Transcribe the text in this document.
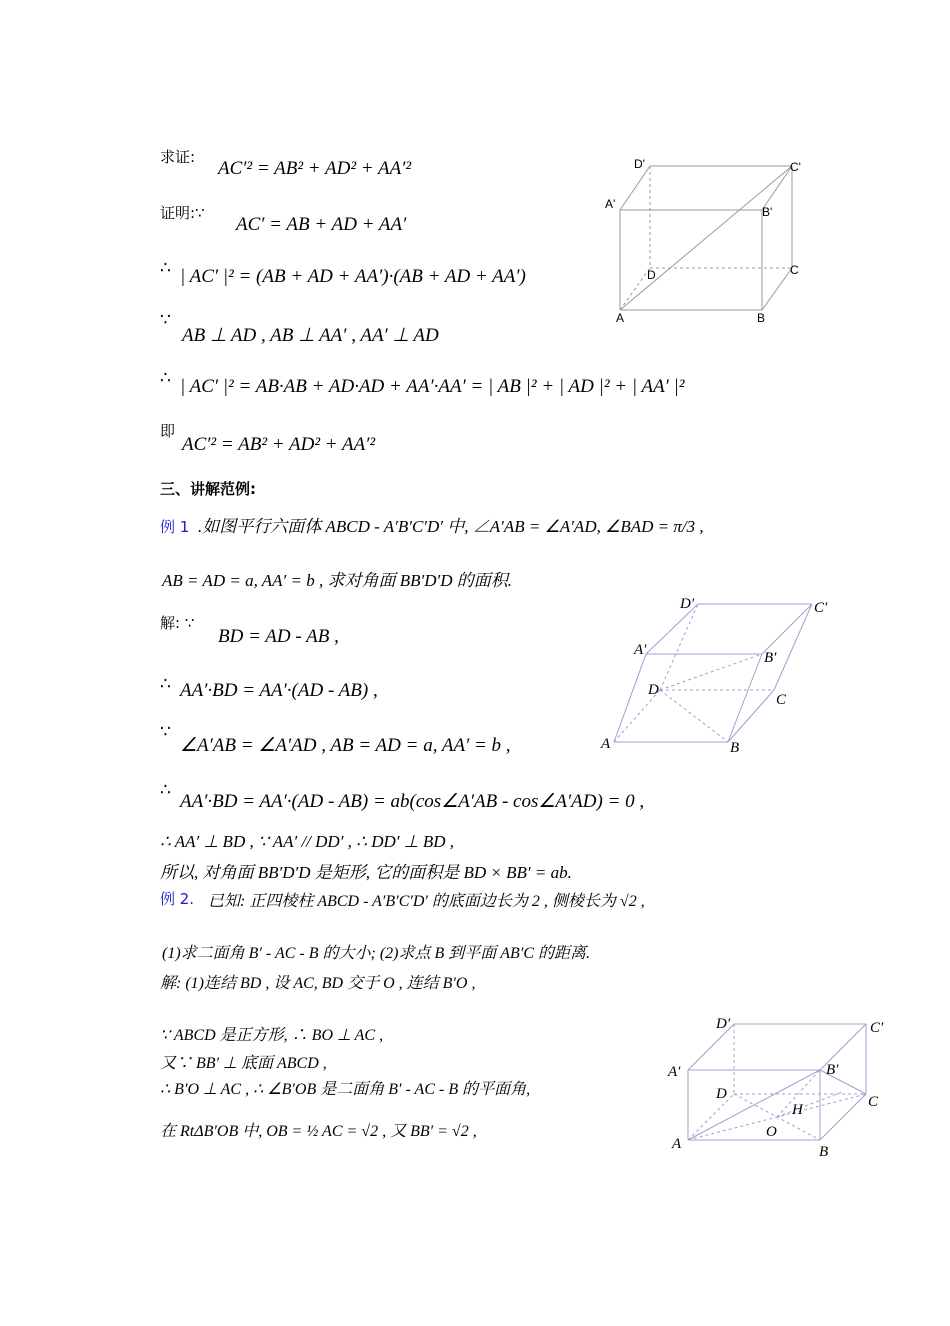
求证:
AC′² = AB² + AD² + AA′²
证明:∵
AC′ = AB + AD + AA′
∴ | AC′ |² = (AB + AD + AA′)·(AB + AD + AA′)
∵
AB ⊥ AD , AB ⊥ AA′ , AA′ ⊥ AD
∴ | AC′ |² = AB·AB + AD·AD + AA′·AA′ = | AB |² + | AD |² + | AA′ |²
即
AC′² = AB² + AD² + AA′²
D'	C'
A'
B'
D	C
A	B
三、讲解范例:
例 1 .如图平行六面体 ABCD - A′B′C′D′ 中, ∠A′AB = ∠A′AD, ∠BAD = π/3 ,
AB = AD = a, AA′ = b , 求对角面 BB′D′D 的面积.
解: ∵
BD = AD - AB ,
∴ AA′·BD = AA′·(AD - AB) ,
∵
∠A′AB = ∠A′AD , AB = AD = a, AA′ = b ,
∴
AA′·BD = AA′·(AD - AB) = ab(cos∠A′AB - cos∠A′AD) = 0 ,
∴ AA′ ⊥ BD , ∵ AA′ // DD′ , ∴ DD′ ⊥ BD ,
所以, 对角面 BB′D′D 是矩形, 它的面积是 BD × BB′ = ab.
D′	C′
A′	B′
D
C
A	B
例 2. 已知: 正四棱柱 ABCD - A′B′C′D′ 的底面边长为 2 , 侧棱长为 √2 ,
(1)求二面角 B′ - AC - B 的大小; (2)求点 B 到平面 AB′C 的距离.
解: (1)连结 BD , 设 AC, BD 交于 O , 连结 B′O ,
∵ ABCD 是正方形, ∴ BO ⊥ AC ,
又∵ BB′ ⊥ 底面 ABCD ,
∴ B′O ⊥ AC , ∴ ∠B′OB 是二面角 B′ - AC - B 的平面角,
在 RtΔB′OB 中, OB = ½ AC = √2 , 又 BB′ = √2 ,
D′	C′
A′	B′
D	C
H
O
A	B
